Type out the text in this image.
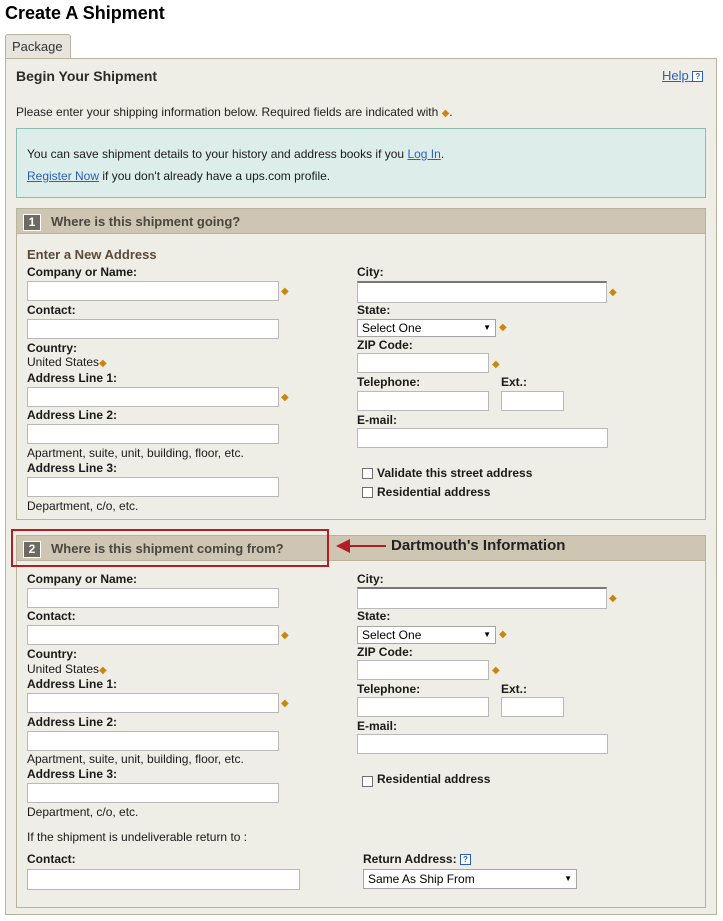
Create A Shipment
Package
Begin Your Shipment	Help ?
Please enter your shipping information below. Required fields are indicated with ◆.
You can save shipment details to your history and address books if you Log In.
Register Now if you don't already have a ups.com profile.
1	Where is this shipment going?
Enter a New Address
Company or Name:
◆
Contact:
Country:
United States◆
Address Line 1:
◆
Address Line 2:
Apartment, suite, unit, building, floor, etc.
Address Line 3:
Department, c/o, etc.
City:
◆
State:
Select One	▼ ◆
ZIP Code:
◆
Telephone:	Ext.:
E-mail:
Validate this street address
Residential address
2	Where is this shipment coming from?
Company or Name:
Contact:
◆
Country:
United States◆
Address Line 1:
◆
Address Line 2:
Apartment, suite, unit, building, floor, etc.
Address Line 3:
Department, c/o, etc.
City:
◆
State:
Select One	▼ ◆
ZIP Code:
◆
Telephone:	Ext.:
E-mail:
Residential address
If the shipment is undeliverable return to :
Contact:	Return Address: ?
Same As Ship From	▼
Dartmouth's Information
